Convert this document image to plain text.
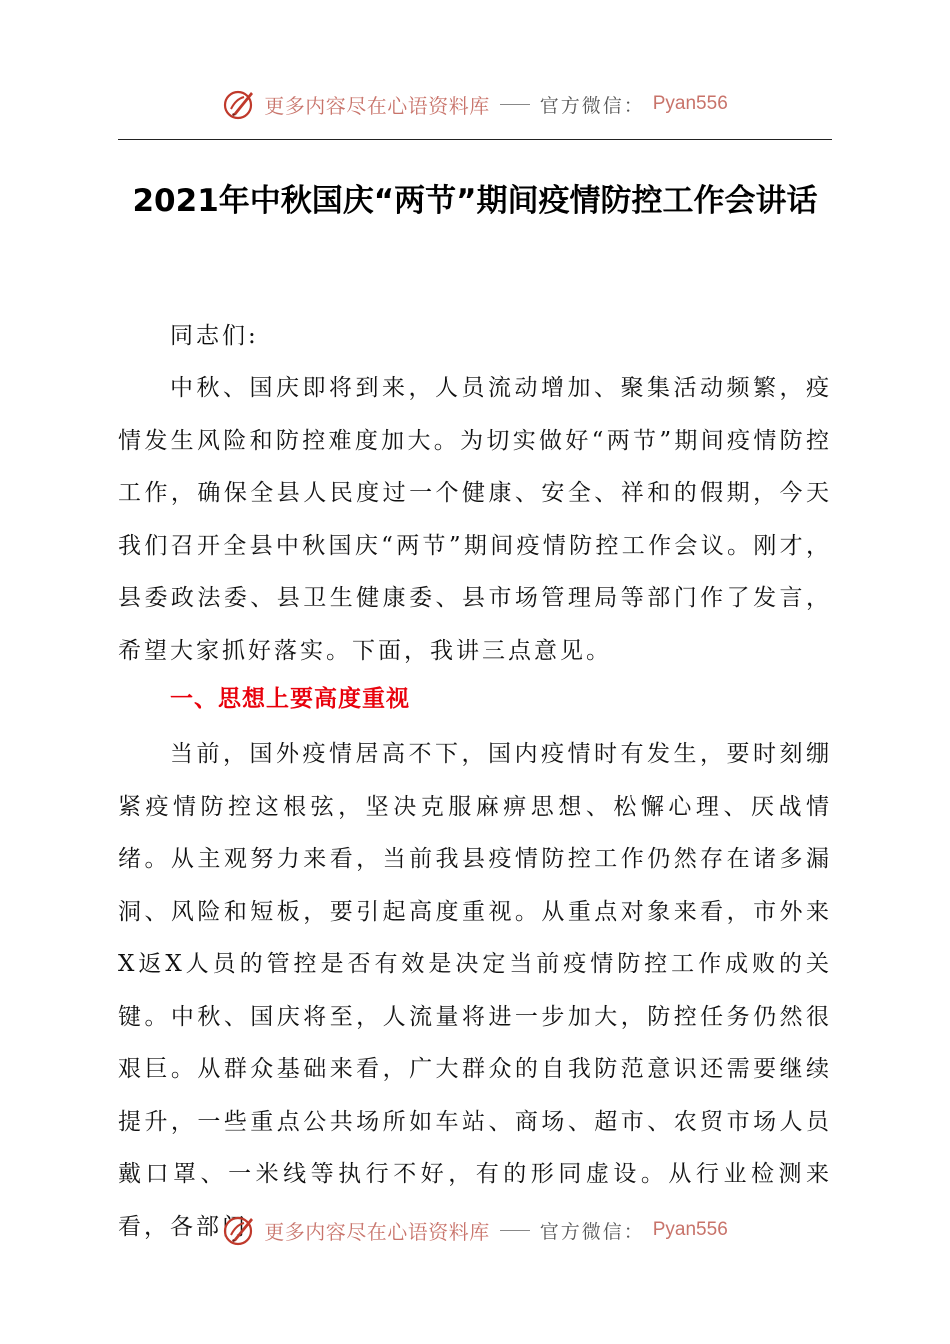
更多内容尽在心语资料库	官方微信： Pyan556
2021年中秋国庆“两节”期间疫情防控工作会讲话

同志们:

中秋、国庆即将到来，人员流动增加、聚集活动频繁，疫情发生风险和防控难度加大。为切实做好“两节”期间疫情防控工作，确保全县人民度过一个健康、安全、祥和的假期，今天我们召开全县中秋国庆“两节”期间疫情防控工作会议。刚才，县委政法委、县卫生健康委、县市场管理局等部门作了发言，希望大家抓好落实。下面，我讲三点意见。

一、思想上要高度重视

当前，国外疫情居高不下，国内疫情时有发生，要时刻绷紧疫情防控这根弦，坚决克服麻痹思想、松懈心理、厌战情绪。从主观努力来看，当前我县疫情防控工作仍然存在诸多漏洞、风险和短板，要引起高度重视。从重点对象来看，市外来X返X人员的管控是否有效是决定当前疫情防控工作成败的关键。中秋、国庆将至，人流量将进一步加大，防控任务仍然很艰巨。从群众基础来看，广大群众的自我防范意识还需要继续提升，一些重点公共场所如车站、商场、超市、农贸市场人员戴口罩、一米线等执行不好，有的形同虚设。从行业检测来看，各部门 更多内容尽在心语资料库	官方微信： Pyan556
